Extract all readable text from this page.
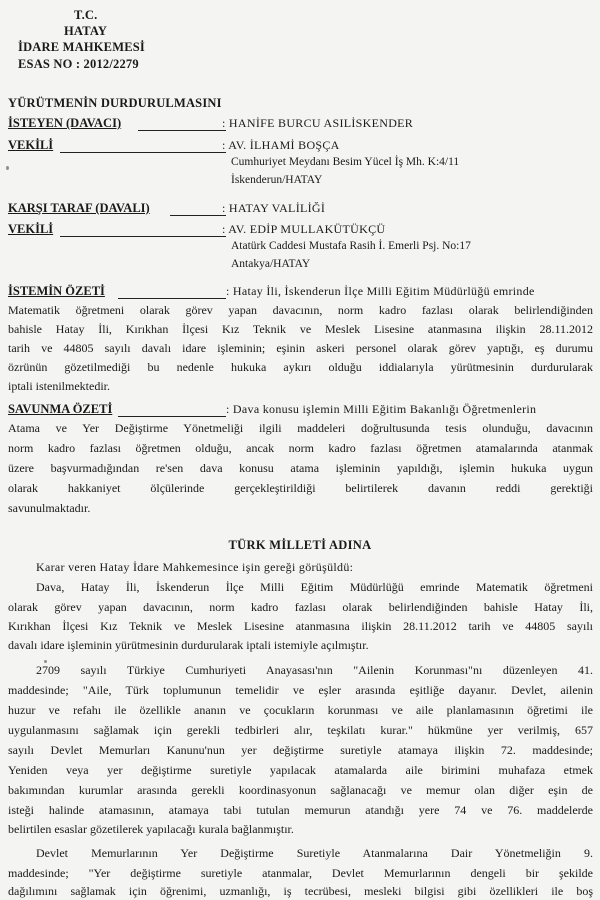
T.C.
HATAY
İDARE MAHKEMESİ
ESAS NO : 2012/2279
YÜRÜTMENİN DURDURULMASINI
İSTEYEN (DAVACI)	: HANİFE BURCU ASILİSKENDER
VEKİLİ	: AV. İLHAMİ BOŞÇA
Cumhuriyet Meydanı Besim Yücel İş Mh. K:4/11
İskenderun/HATAY
KARŞI TARAF (DAVALI)	: HATAY VALİLİĞİ
VEKİLİ	: AV. EDİP MULLAKÜTÜKÇÜ
Atatürk Caddesi Mustafa Rasih İ. Emerli Psj. No:17
Antakya/HATAY
İSTEMİN ÖZETİ	: Hatay İli, İskenderun İlçe Milli Eğitim Müdürlüğü emrinde
Matematik öğretmeni olarak görev yapan davacının, norm kadro fazlası olarak belirlendiğinden
bahisle Hatay İli, Kırıkhan İlçesi Kız Teknik ve Meslek Lisesine atanmasına ilişkin 28.11.2012
tarih ve 44805 sayılı davalı idare işleminin; eşinin askeri personel olarak görev yaptığı, eş durumu
özrünün gözetilmediği bu nedenle hukuka aykırı olduğu iddialarıyla yürütmesinin durdurularak
iptali istenilmektedir.
SAVUNMA ÖZETİ	: Dava konusu işlemin Milli Eğitim Bakanlığı Öğretmenlerin
Atama ve Yer Değiştirme Yönetmeliği ilgili maddeleri doğrultusunda tesis olunduğu, davacının
norm kadro fazlası öğretmen olduğu, ancak norm kadro fazlası öğretmen atamalarında atanmak
üzere başvurmadığından re'sen dava konusu atama işleminin yapıldığı, işlemin hukuka uygun
olarak hakkaniyet ölçülerinde gerçekleştirildiği belirtilerek davanın reddi gerektiği
savunulmaktadır.
TÜRK MİLLETİ ADINA
Karar veren Hatay İdare Mahkemesince işin gereği görüşüldü:
Dava, Hatay İli, İskenderun İlçe Milli Eğitim Müdürlüğü emrinde Matematik öğretmeni
olarak görev yapan davacının, norm kadro fazlası olarak belirlendiğinden bahisle Hatay İli,
Kırıkhan İlçesi Kız Teknik ve Meslek Lisesine atanmasına ilişkin 28.11.2012 tarih ve 44805 sayılı
davalı idare işleminin yürütmesinin durdurularak iptali istemiyle açılmıştır.
2709 sayılı Türkiye Cumhuriyeti Anayasası'nın "Ailenin Korunması"nı düzenleyen 41.
maddesinde; "Aile, Türk toplumunun temelidir ve eşler arasında eşitliğe dayanır. Devlet, ailenin
huzur ve refahı ile özellikle ananın ve çocukların korunması ve aile planlamasının öğretimi ile
uygulanmasını sağlamak için gerekli tedbirleri alır, teşkilatı kurar." hükmüne yer verilmiş, 657
sayılı Devlet Memurları Kanunu'nun yer değiştirme suretiyle atamaya ilişkin 72. maddesinde;
Yeniden veya yer değiştirme suretiyle yapılacak atamalarda aile birimini muhafaza etmek
bakımından kurumlar arasında gerekli koordinasyonun sağlanacağı ve memur olan diğer eşin de
isteği halinde atamasının, atamaya tabi tutulan memurun atandığı yere 74 ve 76. maddelerde
belirtilen esaslar gözetilerek yapılacağı kurala bağlanmıştır.
Devlet Memurlarının Yer Değiştirme Suretiyle Atanmalarına Dair Yönetmeliğin 9.
maddesinde; "Yer değiştirme suretiyle atanmalar, Devlet Memurlarının dengeli bir şekilde
dağılımını sağlamak için öğrenimi, uzmanlığı, iş tecrübesi, mesleki bilgisi gibi özellikleri ile boş
